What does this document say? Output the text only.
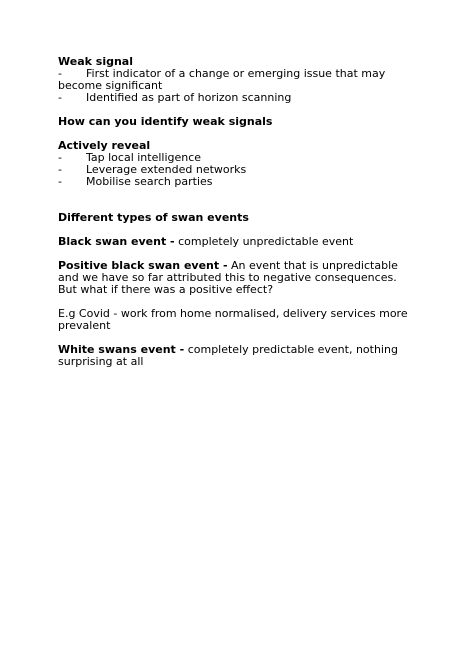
Weak signal

- First indicator of a change or emerging issue that may become significant
- Identified as part of horizon scanning

How can you identify weak signals

Actively reveal

- Tap local intelligence
- Leverage extended networks
- Mobilise search parties

Different types of swan events

Black swan event - completely unpredictable event

Positive black swan event - An event that is unpredictable and we have so far attributed this to negative consequences. But what if there was a positive effect?

E.g Covid - work from home normalised, delivery services more prevalent

White swans event - completely predictable event, nothing surprising at all
